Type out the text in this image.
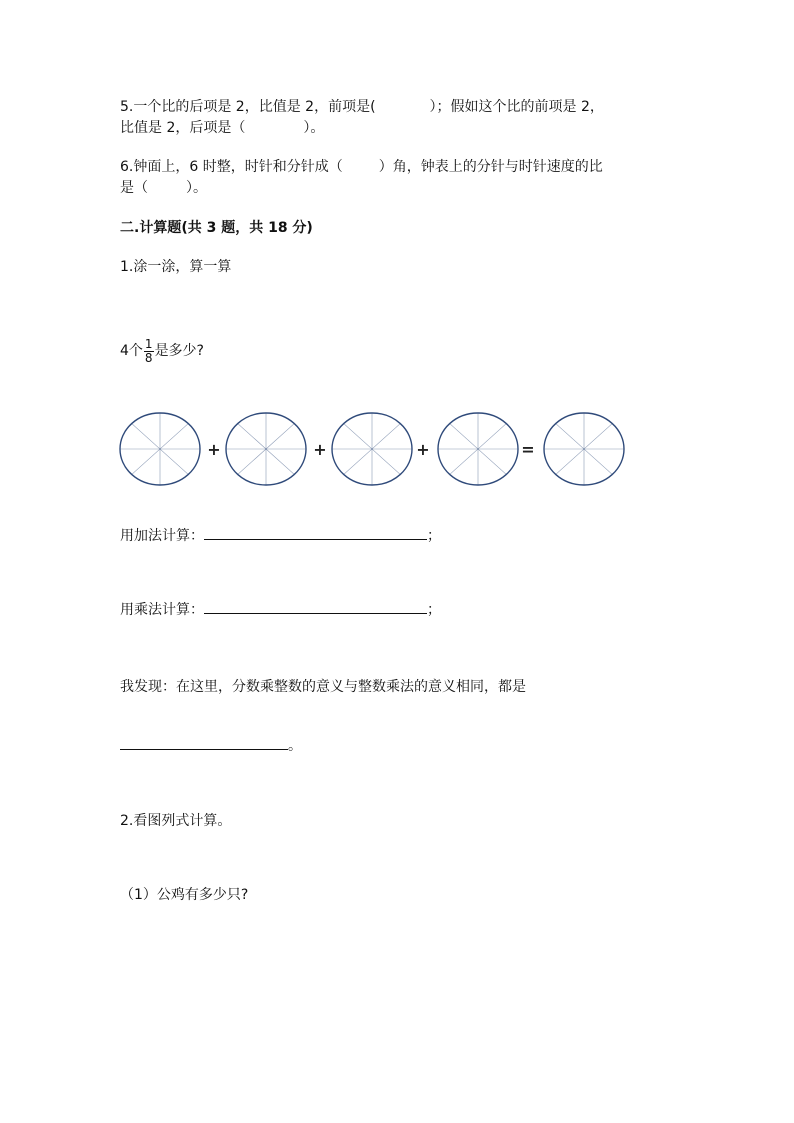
5.一个比的后项是 2，比值是 2，前项是(	）；假如这个比的前项是 2，
比值是 2，后项是（	）。
6.钟面上，6 时整，时针和分针成（	）角，钟表上的分针与时针速度的比
是（	）。
二.计算题(共 3 题，共 18 分)
1.涂一涂，算一算
4个 $\frac{1}{8}$ 是多少?
+	+	+	=
用加法计算：	；
用乘法计算：	；
我发现：在这里，分数乘整数的意义与整数乘法的意义相同，都是
。
2.看图列式计算。
（1）公鸡有多少只?
